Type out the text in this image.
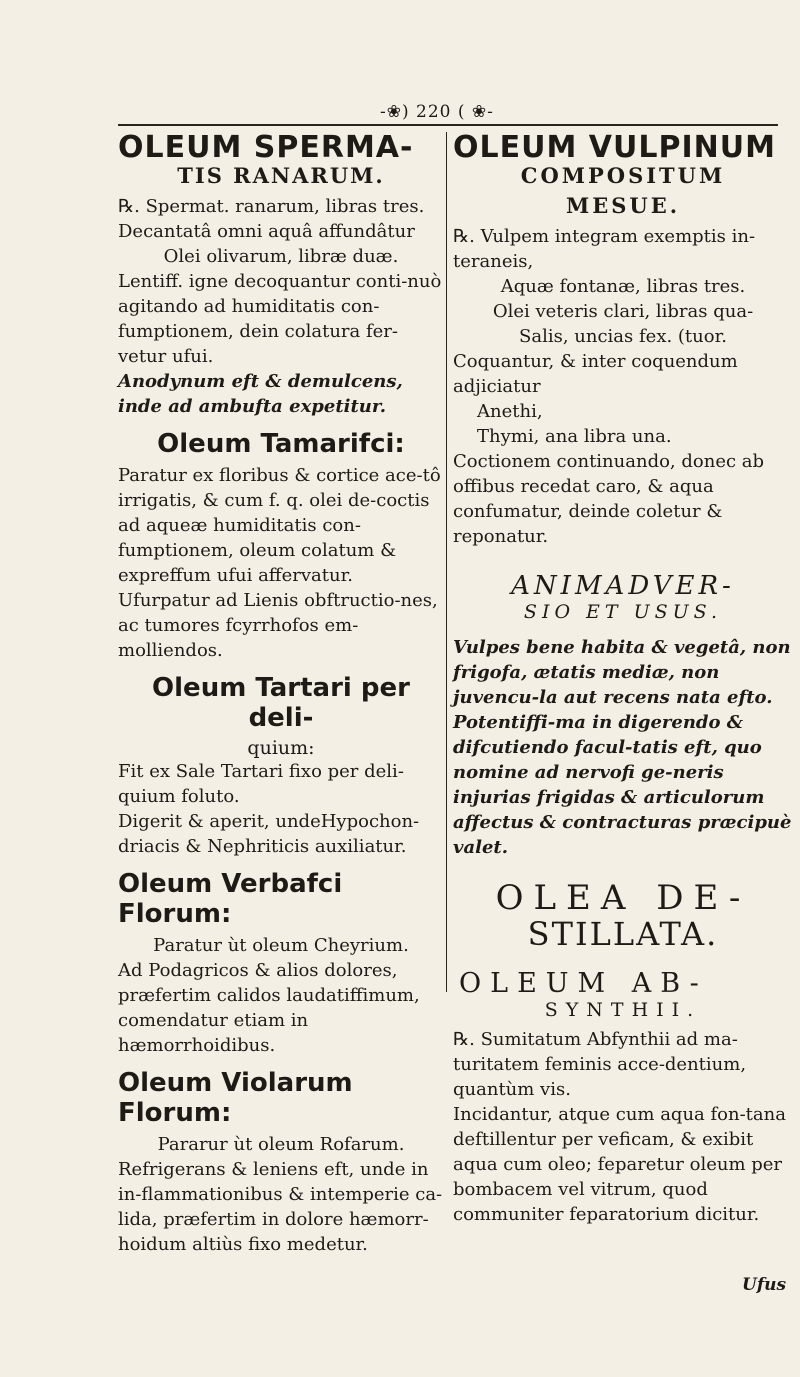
-❀) 220 ( ❀-
OLEUM SPERMA-
TIS RANARUM.

℞. Spermat. ranarum, libras tres.

Decantatâ omni aquâ affundâtur

Olei olivarum, libræ duæ.

Lentiff. igne decoquantur conti-nuò agitando ad humiditatis con-fumptionem, dein colatura fer-vetur ufui.

Anodynum eft & demulcens, inde ad ambufta expetitur.

Oleum Tamarifci:

Paratur ex floribus & cortice ace-tô irrigatis, & cum f. q. olei de-coctis ad aqueæ humiditatis con-fumptionem, oleum colatum & expreffum ufui affervatur.

Ufurpatur ad Lienis obftructio-nes, ac tumores fcyrrhofos em-molliendos.

Oleum Tartari per deli-
quium:

Fit ex Sale Tartari fixo per deli-quium foluto.

Digerit & aperit, undeHypochon-driacis & Nephriticis auxiliatur.

Oleum Verbafci Florum:

Paratur ùt oleum Cheyrium.

Ad Podagricos & alios dolores, præfertim calidos laudatiffimum, comendatur etiam in hæmorrhoidibus.

Oleum Violarum Florum:

Pararur ùt oleum Rofarum.

Refrigerans & leniens eft, unde in in-flammationibus & intemperie ca-lida, præfertim in dolore hæmorr-hoidum altiùs fixo medetur.

OLEUM VULPINUM
COMPOSITUM
MESUE.

℞. Vulpem integram exemptis in-teraneis,

Aquæ fontanæ, libras tres.

Olei veteris clari, libras qua-

Salis, uncias fex. (tuor.

Coquantur, & inter coquendum adjiciatur

Anethi,

Thymi, ana libra una.

Coctionem continuando, donec ab offibus recedat caro, & aqua confumatur, deinde coletur & reponatur.

ANIMADVER-
SIO ET USUS.

Vulpes bene habita & vegetâ, non frigofa, ætatis mediæ, non juvencu-la aut recens nata efto. Potentiffi-ma in digerendo & difcutiendo facul-tatis eft, quo nomine ad nervofi ge-neris injurias frigidas & articulorum affectus & contracturas præcipuè valet.

OLEA DE-
STILLATA.
OLEUM AB-
SYNTHII.

℞. Sumitatum Abfynthii ad ma-turitatem feminis acce-dentium, quantùm vis.

Incidantur, atque cum aqua fon-tana deftillentur per veficam, & exibit aqua cum oleo; feparetur oleum per bombacem vel vitrum, quod communiter feparatorium dicitur.

Ufus
